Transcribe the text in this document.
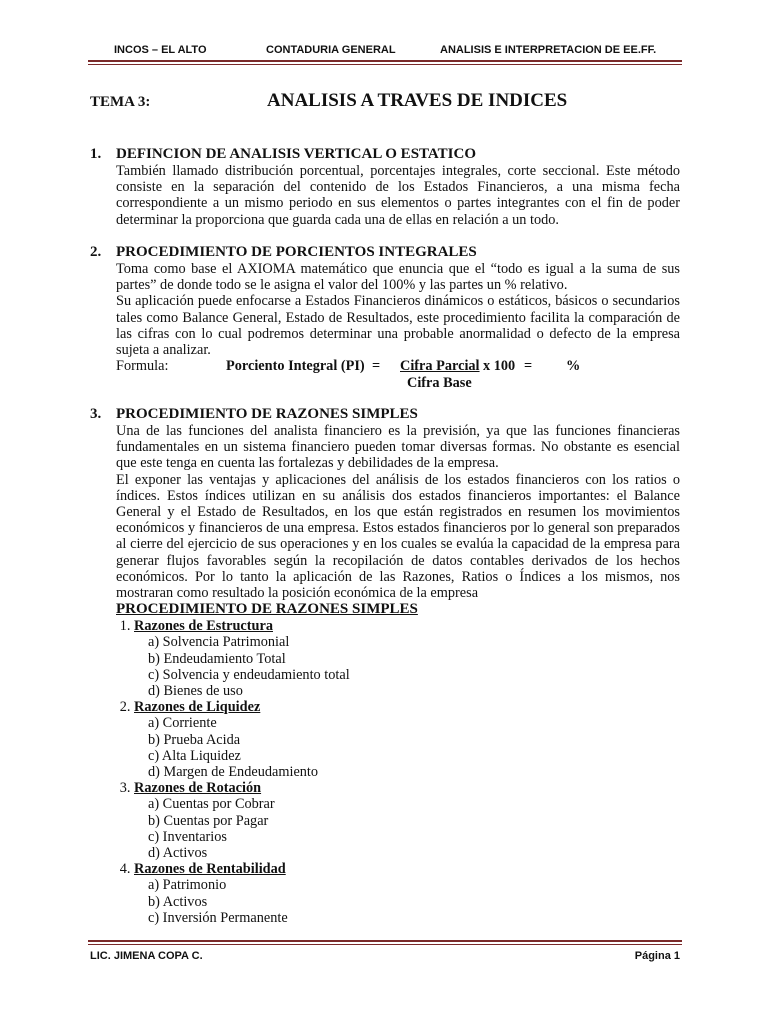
INCOS – EL ALTO	CONTADURIA GENERAL	ANALISIS E INTERPRETACION DE EE.FF.
TEMA 3:	ANALISIS A TRAVES DE INDICES
1. DEFINCION DE ANALISIS VERTICAL O ESTATICO

También llamado distribución porcentual, porcentajes integrales, corte seccional. Este método consiste en la separación del contenido de los Estados Financieros, a una misma fecha correspondiente a un mismo periodo en sus elementos o partes integrantes con el fin de poder determinar la proporciona que guarda cada una de ellas en relación a un todo.

2. PROCEDIMIENTO DE PORCIENTOS INTEGRALES

Toma como base el AXIOMA matemático que enuncia que el “todo es igual a la suma de sus partes” de donde todo se le asigna el valor del 100% y las partes un % relativo.

Su aplicación puede enfocarse a Estados Financieros dinámicos o estáticos, básicos o secundarios tales como Balance General, Estado de Resultados, este procedimiento facilita la comparación de las cifras con lo cual podremos determinar una probable anormalidad o defecto de la empresa sujeta a analizar.

Formula:	Porciento Integral (PI) = Cifra Parcial x 100 = %
Cifra Base
3. PROCEDIMIENTO DE RAZONES SIMPLES

Una de las funciones del analista financiero es la previsión, ya que las funciones financieras fundamentales en un sistema financiero pueden tomar diversas formas. No obstante es esencial que este tenga en cuenta las fortalezas y debilidades de la empresa.

El exponer las ventajas y aplicaciones del análisis de los estados financieros con los ratios o índices. Estos índices utilizan en su análisis dos estados financieros importantes: el Balance General y el Estado de Resultados, en los que están registrados en resumen los movimientos económicos y financieros de una empresa. Estos estados financieros por lo general son preparados al cierre del ejercicio de sus operaciones y en los cuales se evalúa la capacidad de la empresa para generar flujos favorables según la recopilación de datos contables derivados de los hechos económicos. Por lo tanto la aplicación de las Razones, Ratios o Índices a los mismos, nos mostraran como resultado la posición económica de la empresa

PROCEDIMIENTO DE RAZONES SIMPLES
1. Razones de Estructura
a) Solvencia Patrimonial
b) Endeudamiento Total
c) Solvencia y endeudamiento total
d) Bienes de uso
2. Razones de Liquidez
a) Corriente
b) Prueba Acida
c) Alta Liquidez
d) Margen de Endeudamiento
3. Razones de Rotación
a) Cuentas por Cobrar
b) Cuentas por Pagar
c) Inventarios
d) Activos
4. Razones de Rentabilidad
a) Patrimonio
b) Activos
c) Inversión Permanente
LIC. JIMENA COPA C.	Página 1
